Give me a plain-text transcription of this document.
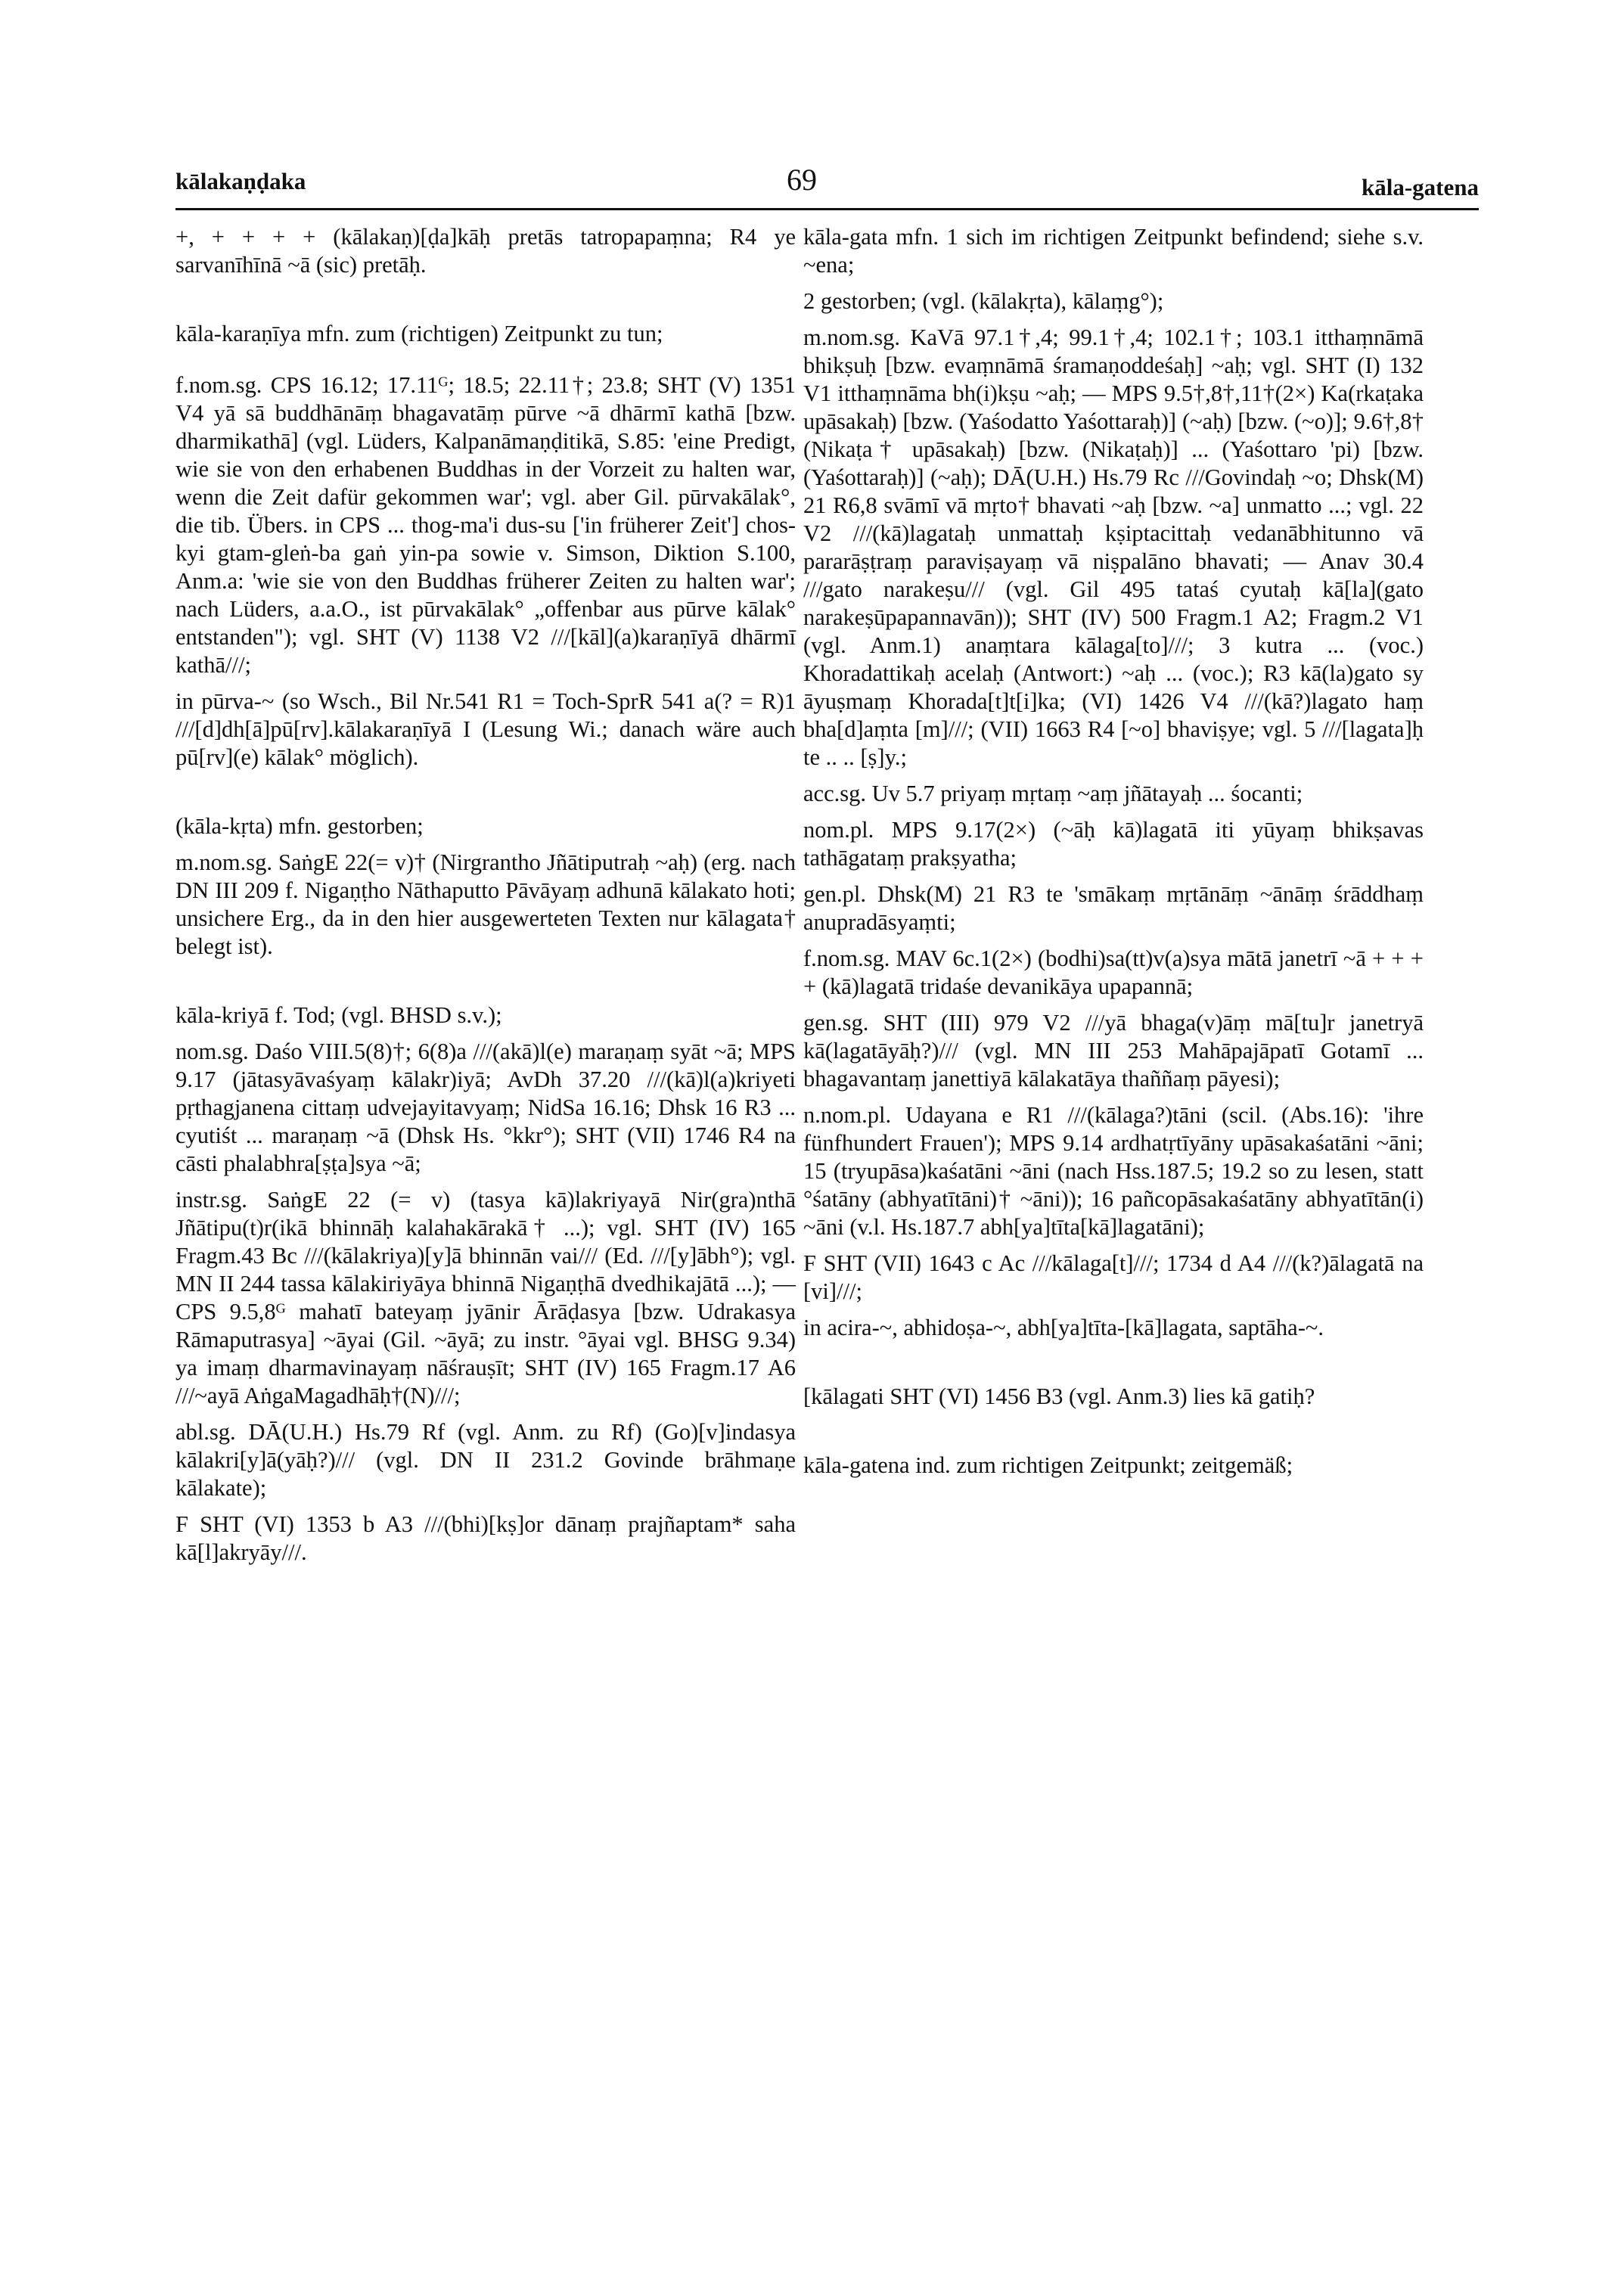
kālakaṇḍaka	69	kāla-gatena

+, + + + + (kālakaṇ)[ḍa]kāḥ pretās tatropapaṃna; R4 ye sarvanīhīnā ~ā (sic) pretāḥ.

kāla-karaṇīya mfn. zum (richtigen) Zeitpunkt zu tun;

f.nom.sg. CPS 16.12; 17.11ᴳ; 18.5; 22.11†; 23.8; SHT (V) 1351 V4 yā sā buddhānāṃ bhagavatāṃ pūrve ~ā dhārmī kathā [bzw. dharmikathā] (vgl. Lüders, Kalpanāmaṇḍitikā, S.85: 'eine Predigt, wie sie von den erhabenen Buddhas in der Vorzeit zu halten war, wenn die Zeit dafür gekommen war'; vgl. aber Gil. pūrvakālak°, die tib. Übers. in CPS ... thog-ma'i dus-su ['in früherer Zeit'] chos-kyi gtam-gleṅ-ba gaṅ yin-pa sowie v. Simson, Diktion S.100, Anm.a: 'wie sie von den Buddhas früherer Zeiten zu halten war'; nach Lüders, a.a.O., ist pūrvakālak° „offenbar aus pūrve kālak° entstanden"); vgl. SHT (V) 1138 V2 ///[kāl](a)karaṇīyā dhārmī kathā///;

in pūrva-~ (so Wsch., Bil Nr.541 R1 = Toch-SprR 541 a(? = R)1 ///[d]dh[ā]pū[rv].kālakaraṇīyā I (Lesung Wi.; danach wäre auch pū[rv](e) kālak° möglich).

(kāla-kṛta) mfn. gestorben;

m.nom.sg. SaṅgE 22(= v)† (Nirgrantho Jñātiputraḥ ~aḥ) (erg. nach DN III 209 f. Nigaṇṭho Nāthaputto Pāvāyaṃ adhunā kālakato hoti; unsichere Erg., da in den hier ausgewerteten Texten nur kālagata† belegt ist).

kāla-kriyā f. Tod; (vgl. BHSD s.v.);

nom.sg. Daśo VIII.5(8)†; 6(8)a ///(akā)l(e) maraṇaṃ syāt ~ā; MPS 9.17 (jātasyāvaśyaṃ kālakr)iyā; AvDh 37.20 ///(kā)l(a)kriyeti pṛthagjanena cittaṃ udvejayitavyaṃ; NidSa 16.16; Dhsk 16 R3 ... cyutiśt ... maraṇaṃ ~ā (Dhsk Hs. °kkr°); SHT (VII) 1746 R4 na cāsti phalabhra[ṣṭa]sya ~ā;

instr.sg. SaṅgE 22 (= v) (tasya kā)lakriyayā Nir(gra)nthā Jñātipu(t)r(ikā bhinnāḥ kalahakārakā† ...); vgl. SHT (IV) 165 Fragm.43 Bc ///(kālakriya)[y]ā bhinnān vai/// (Ed. ///[y]ābh°); vgl. MN II 244 tassa kālakiriyāya bhinnā Nigaṇṭhā dvedhikajātā ...); — CPS 9.5,8ᴳ mahatī bateyaṃ jyānir Ārāḍasya [bzw. Udrakasya Rāmaputrasya] ~āyai (Gil. ~āyā; zu instr. °āyai vgl. BHSG 9.34) ya imaṃ dharmavinayaṃ nāśrauṣīt; SHT (IV) 165 Fragm.17 A6 ///~ayā AṅgaMagadhāḥ†(N)///;

abl.sg. DĀ(U.H.) Hs.79 Rf (vgl. Anm. zu Rf) (Go)[v]indasya kālakri[y]ā(yāḥ?)/// (vgl. DN II 231.2 Govinde brāhmaṇe kālakate);

F SHT (VI) 1353 b A3 ///(bhi)[kṣ]or dānaṃ prajñaptam* saha kā[l]akryāy///.

kāla-gata mfn. 1 sich im richtigen Zeitpunkt befindend; siehe s.v. ~ena;

2 gestorben; (vgl. (kālakṛta), kālaṃg°);

m.nom.sg. KaVā 97.1†,4; 99.1†,4; 102.1†; 103.1 itthaṃnāmā bhikṣuḥ [bzw. evaṃnāmā śramaṇoddeśaḥ] ~aḥ; vgl. SHT (I) 132 V1 itthaṃnāma bh(i)kṣu ~aḥ; — MPS 9.5†,8†,11†(2×) Ka(rkaṭaka upāsakaḥ) [bzw. (Yaśodatto Yaśottaraḥ)] (~aḥ) [bzw. (~o)]; 9.6†,8† (Nikaṭa† upāsakaḥ) [bzw. (Nikaṭaḥ)] ... (Yaśottaro 'pi) [bzw. (Yaśottaraḥ)] (~aḥ); DĀ(U.H.) Hs.79 Rc ///Govindaḥ ~o; Dhsk(M) 21 R6,8 svāmī vā mṛto† bhavati ~aḥ [bzw. ~a] unmatto ...; vgl. 22 V2 ///(kā)lagataḥ unmattaḥ kṣiptacittaḥ vedanābhitunno vā pararāṣṭraṃ paraviṣayaṃ vā niṣpalāno bhavati; — Anav 30.4 ///gato narakeṣu/// (vgl. Gil 495 tataś cyutaḥ kā[la](gato narakeṣūpapannavān)); SHT (IV) 500 Fragm.1 A2; Fragm.2 V1 (vgl. Anm.1) anaṃtara kālaga[to]///; 3 kutra ... (voc.) Khoradattikaḥ acelaḥ (Antwort:) ~aḥ ... (voc.); R3 kā(la)gato sy āyuṣmaṃ Khorada[t]t[i]ka; (VI) 1426 V4 ///(kā?)lagato haṃ bha[d]aṃta [m]///; (VII) 1663 R4 [~o] bhaviṣye; vgl. 5 ///[lagata]ḥ te .. .. [ṣ]y.;

acc.sg. Uv 5.7 priyaṃ mṛtaṃ ~aṃ jñātayaḥ ... śocanti;

nom.pl. MPS 9.17(2×) (~āḥ kā)lagatā iti yūyaṃ bhikṣavas tathāgataṃ prakṣyatha;

gen.pl. Dhsk(M) 21 R3 te 'smākaṃ mṛtānāṃ ~ānāṃ śrāddhaṃ anupradāsyaṃti;

f.nom.sg. MAV 6c.1(2×) (bodhi)sa(tt)v(a)sya mātā janetrī ~ā + + + + (kā)lagatā tridaśe devanikāya upapannā;

gen.sg. SHT (III) 979 V2 ///yā bhaga(v)āṃ mā[tu]r janetryā kā(lagatāyāḥ?)/// (vgl. MN III 253 Mahāpajāpatī Gotamī ... bhagavantaṃ janettiyā kālakatāya thaññaṃ pāyesi);

n.nom.pl. Udayana e R1 ///(kālaga?)tāni (scil. (Abs.16): 'ihre fünfhundert Frauen'); MPS 9.14 ardhatṛtīyāny upāsakaśatāni ~āni; 15 (tryupāsa)kaśatāni ~āni (nach Hss.187.5; 19.2 so zu lesen, statt °śatāny (abhyatītāni)† ~āni)); 16 pañcopāsakaśatāny abhyatītān(i) ~āni (v.l. Hs.187.7 abh[ya]tīta[kā]lagatāni);

F SHT (VII) 1643 c Ac ///kālaga[t]///; 1734 d A4 ///(k?)ālagatā na [vi]///;

in acira-~, abhidoṣa-~, abh[ya]tīta-[kā]lagata, saptāha-~.

[kālagati SHT (VI) 1456 B3 (vgl. Anm.3) lies kā gatiḥ?

kāla-gatena ind. zum richtigen Zeitpunkt; zeitgemäß;
